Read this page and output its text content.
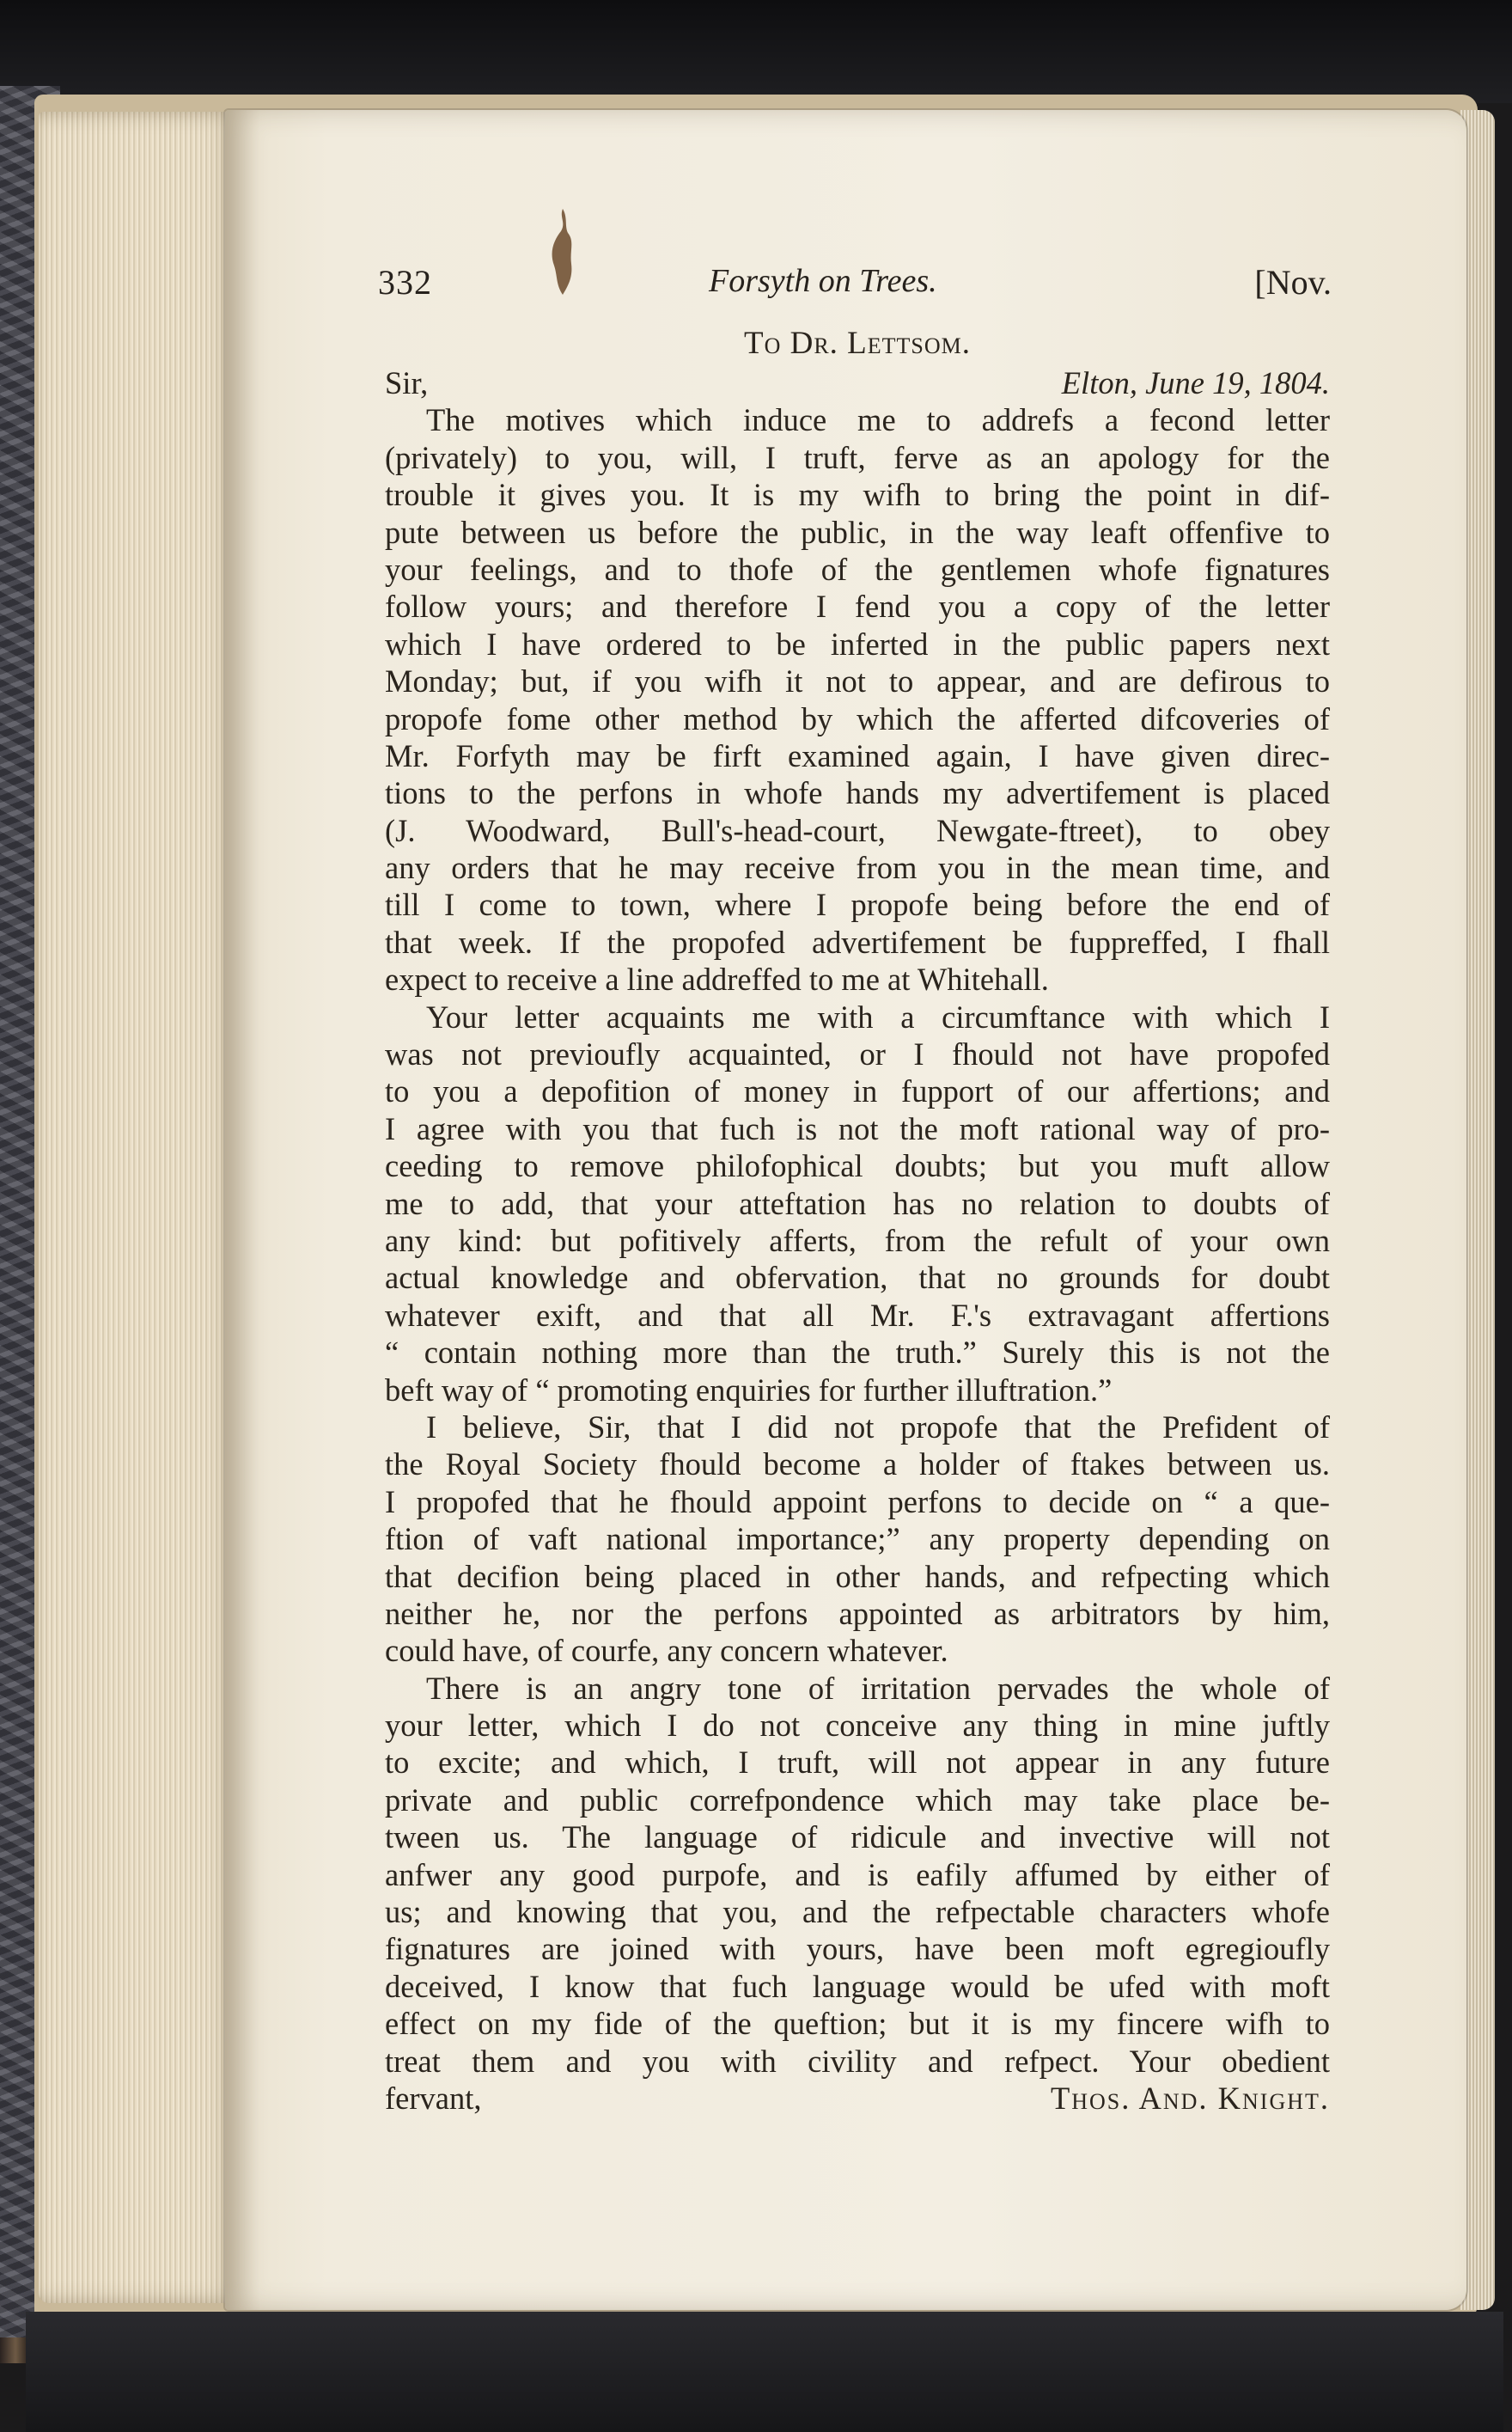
332	Forsyth on Trees.	[Nov.
To Dr. Lettsom.
Sir,	Elton, June 19, 1804.
The motives which induce me to addrefs a fecond letter
(privately) to you, will, I truft, ferve as an apology for the
trouble it gives you. It is my wifh to bring the point in dif-
pute between us before the public, in the way leaft offenfive to
your feelings, and to thofe of the gentlemen whofe fignatures
follow yours; and therefore I fend you a copy of the letter
which I have ordered to be inferted in the public papers next
Monday; but, if you wifh it not to appear, and are defirous to
propofe fome other method by which the afferted difcoveries of
Mr. Forfyth may be firft examined again, I have given direc-
tions to the perfons in whofe hands my advertifement is placed
(J. Woodward, Bull's-head-court, Newgate-ftreet), to obey
any orders that he may receive from you in the mean time, and
till I come to town, where I propofe being before the end of
that week. If the propofed advertifement be fuppreffed, I fhall
expect to receive a line addreffed to me at Whitehall.
Your letter acquaints me with a circumftance with which I
was not previoufly acquainted, or I fhould not have propofed
to you a depofition of money in fupport of our affertions; and
I agree with you that fuch is not the moft rational way of pro-
ceeding to remove philofophical doubts; but you muft allow
me to add, that your atteftation has no relation to doubts of
any kind: but pofitively afferts, from the refult of your own
actual knowledge and obfervation, that no grounds for doubt
whatever exift, and that all Mr. F.'s extravagant affertions
“ contain nothing more than the truth.” Surely this is not the
beft way of “ promoting enquiries for further illuftration.”
I believe, Sir, that I did not propofe that the Prefident of
the Royal Society fhould become a holder of ftakes between us.
I propofed that he fhould appoint perfons to decide on “ a que-
ftion of vaft national importance;” any property depending on
that decifion being placed in other hands, and refpecting which
neither he, nor the perfons appointed as arbitrators by him,
could have, of courfe, any concern whatever.
There is an angry tone of irritation pervades the whole of
your letter, which I do not conceive any thing in mine juftly
to excite; and which, I truft, will not appear in any future
private and public correfpondence which may take place be-
tween us. The language of ridicule and invective will not
anfwer any good purpofe, and is eafily affumed by either of
us; and knowing that you, and the refpectable characters whofe
fignatures are joined with yours, have been moft egregioufly
deceived, I know that fuch language would be ufed with moft
effect on my fide of the queftion; but it is my fincere wifh to
treat them and you with civility and refpect. Your obedient
fervant,	Thos. And. Knight.
